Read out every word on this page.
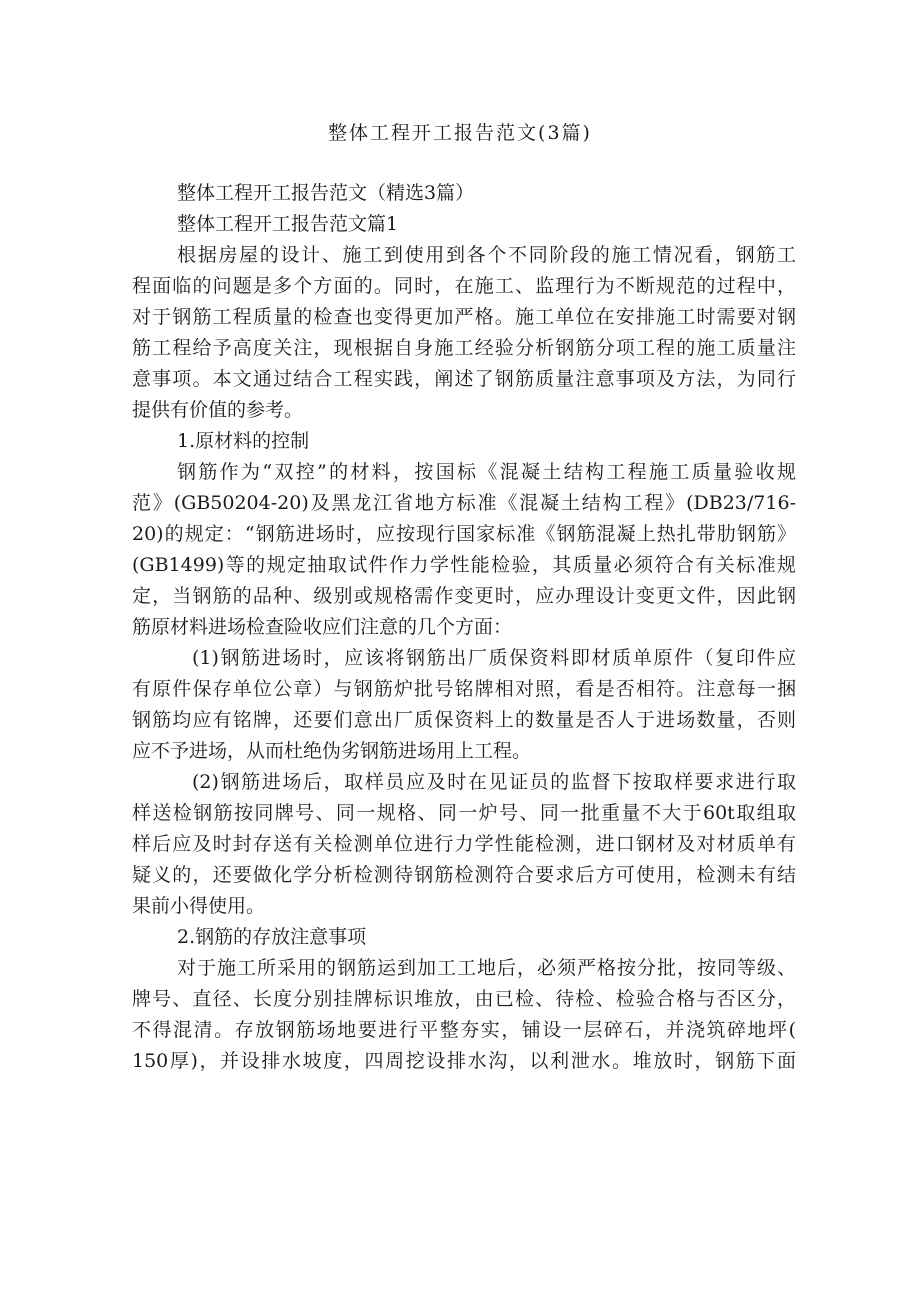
整体工程开工报告范文(3篇)
整体工程开工报告范文（精选3篇）
整体工程开工报告范文篇1
根据房屋的设计、施工到使用到各个不同阶段的施工情况看，钢筋工
程面临的问题是多个方面的。同时，在施工、监理行为不断规范的过程中，
对于钢筋工程质量的检查也变得更加严格。施工单位在安排施工时需要对钢
筋工程给予高度关注，现根据自身施工经验分析钢筋分项工程的施工质量注
意事项。本文通过结合工程实践，阐述了钢筋质量注意事项及方法，为同行
提供有价值的参考。
1.原材料的控制
钢筋作为“双控”的材料，按国标《混凝土结构工程施工质量验收规
范》(GB50204-20)及黑龙江省地方标准《混凝土结构工程》(DB23/716-
20)的规定：“钢筋进场时，应按现行国家标准《钢筋混凝上热扎带肋钢筋》
(GB1499)等的规定抽取试件作力学性能检验，其质量必须符合有关标准规
定，当钢筋的品种、级别或规格需作变更时，应办理设计变更文件，因此钢
筋原材料进场检查险收应们注意的几个方面：
(1)钢筋进场时，应该将钢筋出厂质保资料即材质单原件（复印件应
有原件保存单位公章）与钢筋炉批号铭牌相对照，看是否相符。注意每一捆
钢筋均应有铭牌，还要们意出厂质保资料上的数量是否人于进场数量，否则
应不予进场，从而杜绝伪劣钢筋进场用上工程。
(2)钢筋进场后，取样员应及时在见证员的监督下按取样要求进行取
样送检钢筋按同牌号、同一规格、同一炉号、同一批重量不大于60t取组取
样后应及时封存送有关检测单位进行力学性能检测，进口钢材及对材质单有
疑义的，还要做化学分析检测待钢筋检测符合要求后方可使用，检测未有结
果前小得使用。
2.钢筋的存放注意事项
对于施工所采用的钢筋运到加工工地后，必须严格按分批，按同等级、
牌号、直径、长度分别挂牌标识堆放，由已检、待检、检验合格与否区分，
不得混清。存放钢筋场地要进行平整夯实，铺设一层碎石，并浇筑碎地坪(
150厚)，并设排水坡度，四周挖设排水沟，以利泄水。堆放时，钢筋下面
